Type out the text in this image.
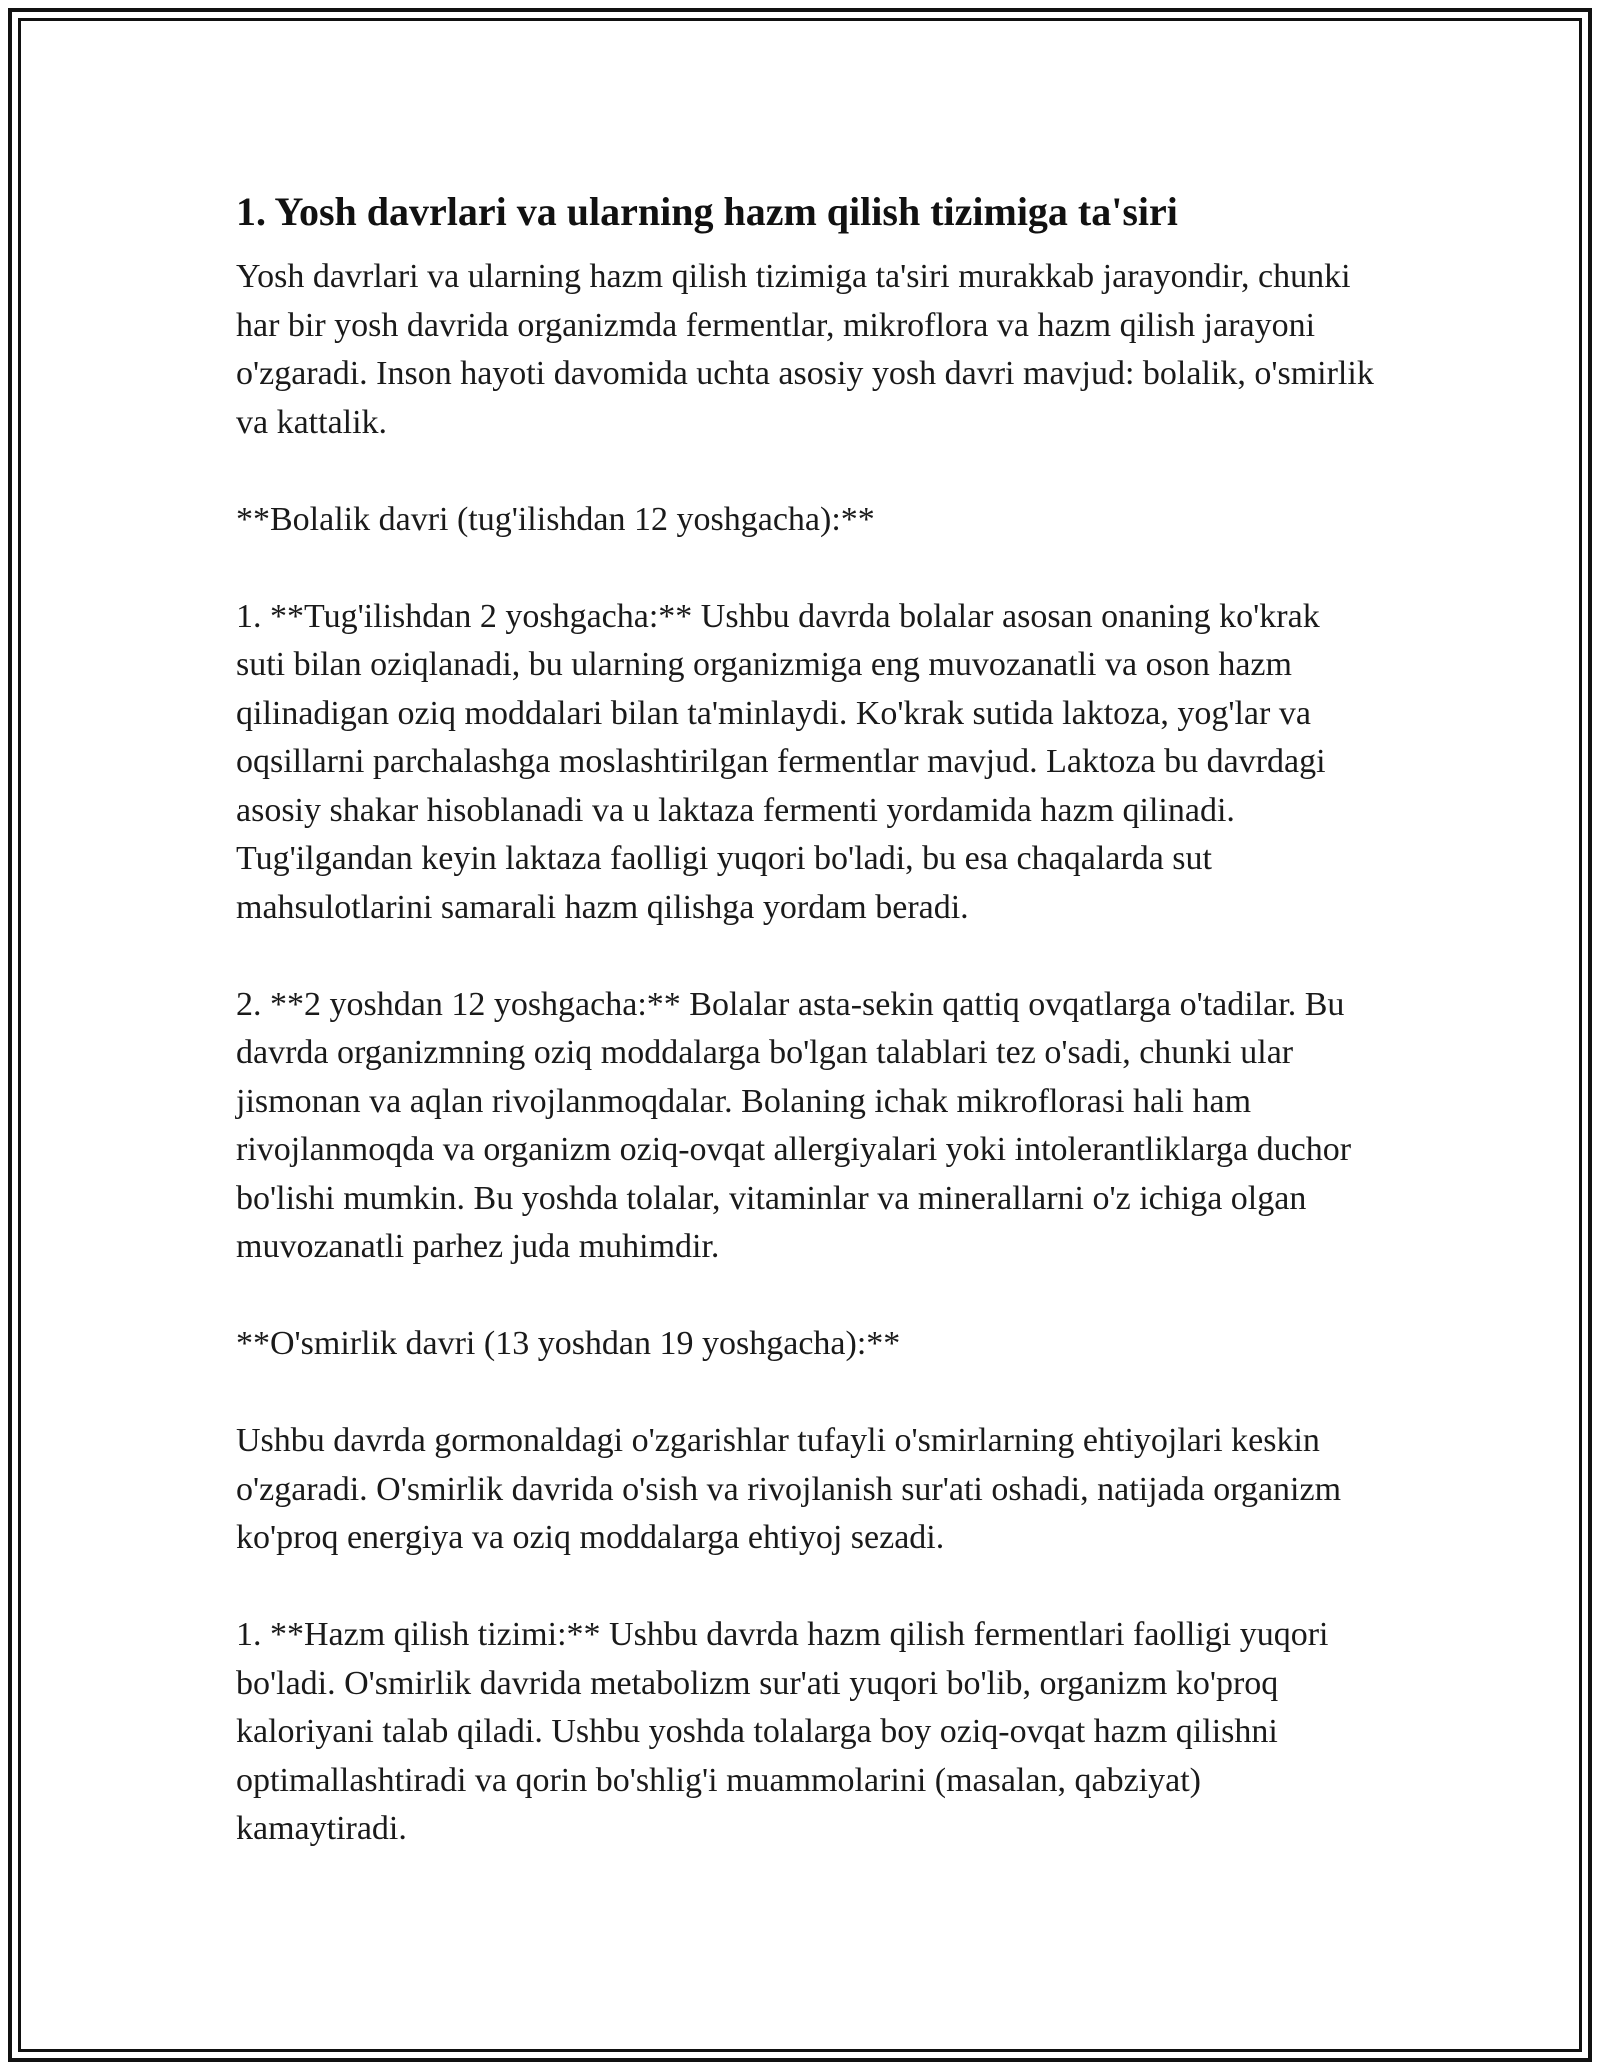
1. Yosh davrlari va ularning hazm qilish tizimiga ta'siri

Yosh davrlari va ularning hazm qilish tizimiga ta'siri murakkab jarayondir, chunki har bir yosh davrida organizmda fermentlar, mikroflora va hazm qilish jarayoni o'zgaradi. Inson hayoti davomida uchta asosiy yosh davri mavjud: bolalik, o'smirlik va kattalik.

**Bolalik davri (tug'ilishdan 12 yoshgacha):**

1. **Tug'ilishdan 2 yoshgacha:** Ushbu davrda bolalar asosan onaning ko'krak suti bilan oziqlanadi, bu ularning organizmiga eng muvozanatli va oson hazm qilinadigan oziq moddalari bilan ta'minlaydi. Ko'krak sutida laktoza, yog'lar va oqsillarni parchalashga moslashtirilgan fermentlar mavjud. Laktoza bu davrdagi asosiy shakar hisoblanadi va u laktaza fermenti yordamida hazm qilinadi. Tug'ilgandan keyin laktaza faolligi yuqori bo'ladi, bu esa chaqalarda sut mahsulotlarini samarali hazm qilishga yordam beradi.

2. **2 yoshdan 12 yoshgacha:** Bolalar asta-sekin qattiq ovqatlarga o'tadilar. Bu davrda organizmning oziq moddalarga bo'lgan talablari tez o'sadi, chunki ular jismonan va aqlan rivojlanmoqdalar. Bolaning ichak mikroflorasi hali ham rivojlanmoqda va organizm oziq-ovqat allergiyalari yoki intolerantliklarga duchor bo'lishi mumkin. Bu yoshda tolalar, vitaminlar va minerallarni o'z ichiga olgan muvozanatli parhez juda muhimdir.

**O'smirlik davri (13 yoshdan 19 yoshgacha):**

Ushbu davrda gormonaldagi o'zgarishlar tufayli o'smirlarning ehtiyojlari keskin o'zgaradi. O'smirlik davrida o'sish va rivojlanish sur'ati oshadi, natijada organizm ko'proq energiya va oziq moddalarga ehtiyoj sezadi.

1. **Hazm qilish tizimi:** Ushbu davrda hazm qilish fermentlari faolligi yuqori bo'ladi. O'smirlik davrida metabolizm sur'ati yuqori bo'lib, organizm ko'proq kaloriyani talab qiladi. Ushbu yoshda tolalarga boy oziq-ovqat hazm qilishni optimallashtiradi va qorin bo'shlig'i muammolarini (masalan, qabziyat) kamaytiradi.
